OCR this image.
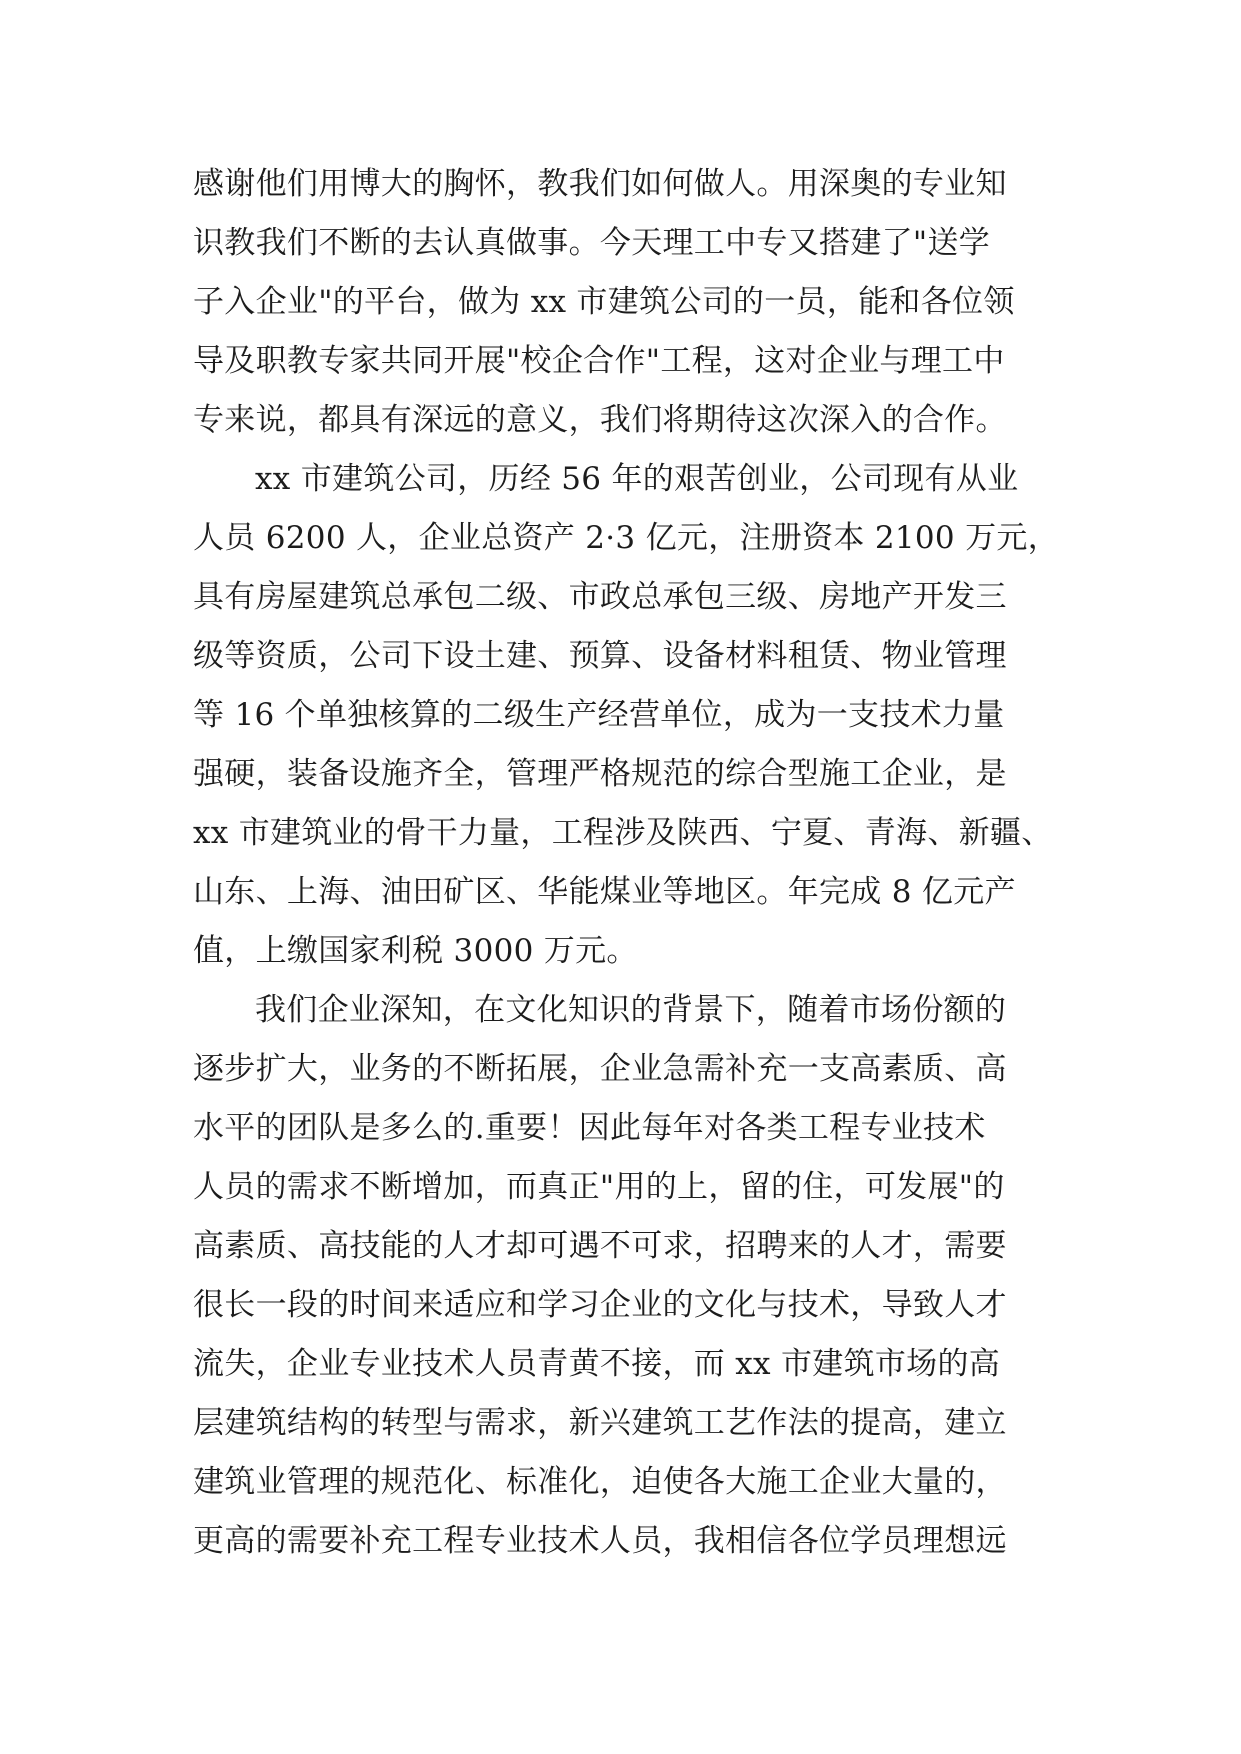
感谢他们用博大的胸怀，教我们如何做人。用深奥的专业知
识教我们不断的去认真做事。今天理工中专又搭建了"送学
子入企业"的平台，做为 xx 市建筑公司的一员，能和各位领
导及职教专家共同开展"校企合作"工程，这对企业与理工中
专来说，都具有深远的意义，我们将期待这次深入的合作。

xx 市建筑公司，历经 56 年的艰苦创业，公司现有从业
人员 6200 人，企业总资产 2·3 亿元，注册资本 2100 万元，
具有房屋建筑总承包二级、市政总承包三级、房地产开发三
级等资质，公司下设土建、预算、设备材料租赁、物业管理
等 16 个单独核算的二级生产经营单位，成为一支技术力量
强硬，装备设施齐全，管理严格规范的综合型施工企业，是
xx 市建筑业的骨干力量，工程涉及陕西、宁夏、青海、新疆、
山东、上海、油田矿区、华能煤业等地区。年完成 8 亿元产
值，上缴国家利税 3000 万元。

我们企业深知，在文化知识的背景下，随着市场份额的
逐步扩大，业务的不断拓展，企业急需补充一支高素质、高
水平的团队是多么的.重要！因此每年对各类工程专业技术
人员的需求不断增加，而真正"用的上，留的住，可发展"的
高素质、高技能的人才却可遇不可求，招聘来的人才，需要
很长一段的时间来适应和学习企业的文化与技术，导致人才
流失，企业专业技术人员青黄不接，而 xx 市建筑市场的高
层建筑结构的转型与需求，新兴建筑工艺作法的提高，建立
建筑业管理的规范化、标准化，迫使各大施工企业大量的，
更高的需要补充工程专业技术人员，我相信各位学员理想远
